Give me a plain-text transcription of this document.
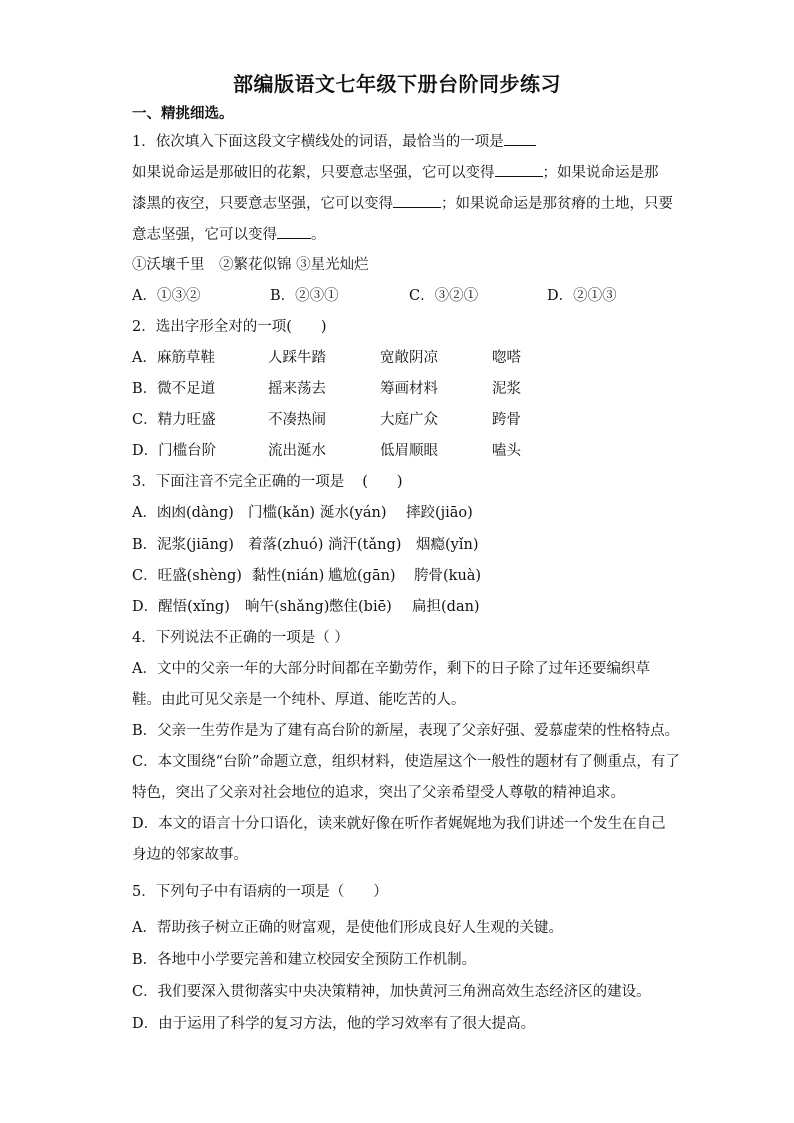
部编版语文七年级下册台阶同步练习
一、精挑细选。
1．依次填入下面这段文字横线处的词语，最恰当的一项是
如果说命运是那破旧的花絮，只要意志坚强，它可以变得	；如果说命运是那
漆黑的夜空，只要意志坚强，它可以变得	；如果说命运是那贫瘠的土地，只要
意志坚强，它可以变得 。
①沃壤千里　②繁花似锦 ③星光灿烂
A．①③②	B．②③①	C．③②①	D．②①③
2．选出字形全对的一项(　　)
A．麻筋草鞋	人踩牛踏	宽敞阴凉	唿嗒
B．微不足道	摇来荡去	筹画材料	泥浆
C．精力旺盛	不凑热闹	大庭广众	跨骨
D．门槛台阶	流出涎水	低眉顺眼	嗑头
3．下面注音不完全正确的一项是 (　　)
A．凼凼(dàng) 门槛(kǎn) 涎水(yán) 摔跤(jiāo)
B．泥浆(jiāng) 着落(zhuó) 淌汗(tǎng) 烟瘾(yǐn)
C．旺盛(shèng) 黏性(nián) 尴尬(gān) 胯骨(kuà)
D．醒悟(xǐng) 晌午(shǎng) 憋住(biē) 扁担(dan)
4．下列说法不正确的一项是（ ）
A．文中的父亲一年的大部分时间都在辛勤劳作，剩下的日子除了过年还要编织草
鞋。由此可见父亲是一个纯朴、厚道、能吃苦的人。
B．父亲一生劳作是为了建有高台阶的新屋，表现了父亲好强、爱慕虚荣的性格特点。
C．本文围绕“台阶”命题立意，组织材料，使造屋这个一般性的题材有了侧重点，有了
特色，突出了父亲对社会地位的追求，突出了父亲希望受人尊敬的精神追求。
D．本文的语言十分口语化，读来就好像在听作者娓娓地为我们讲述一个发生在自己
身边的邻家故事。
5．下列句子中有语病的一项是（　　）
A．帮助孩子树立正确的财富观，是使他们形成良好人生观的关键。
B．各地中小学要完善和建立校园安全预防工作机制。
C．我们要深入贯彻落实中央决策精神，加快黄河三角洲高效生态经济区的建设。
D．由于运用了科学的复习方法，他的学习效率有了很大提高。
